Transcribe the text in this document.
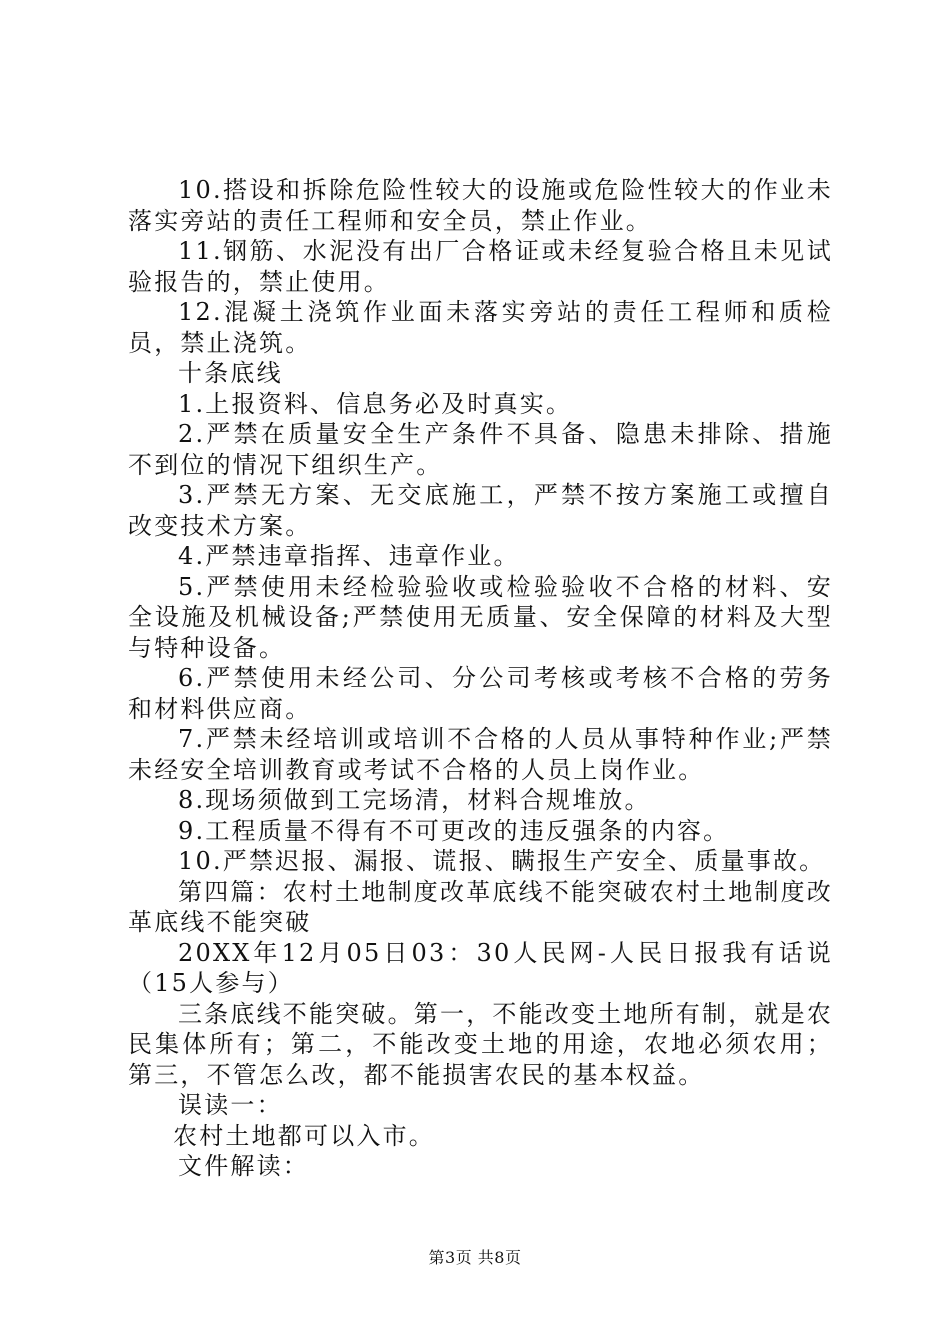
10.搭设和拆除危险性较大的设施或危险性较大的作业未落实旁站的责任工程师和安全员，禁止作业。

11.钢筋、水泥没有出厂合格证或未经复验合格且未见试验报告的，禁止使用。

12.混凝土浇筑作业面未落实旁站的责任工程师和质检员，禁止浇筑。

十条底线

1.上报资料、信息务必及时真实。

2.严禁在质量安全生产条件不具备、隐患未排除、措施不到位的情况下组织生产。

3.严禁无方案、无交底施工，严禁不按方案施工或擅自改变技术方案。

4.严禁违章指挥、违章作业。

5.严禁使用未经检验验收或检验验收不合格的材料、安全设施及机械设备;严禁使用无质量、安全保障的材料及大型与特种设备。

6.严禁使用未经公司、分公司考核或考核不合格的劳务和材料供应商。

7.严禁未经培训或培训不合格的人员从事特种作业;严禁未经安全培训教育或考试不合格的人员上岗作业。

8.现场须做到工完场清，材料合规堆放。

9.工程质量不得有不可更改的违反强条的内容。

10.严禁迟报、漏报、谎报、瞒报生产安全、质量事故。

第四篇：农村土地制度改革底线不能突破农村土地制度改革底线不能突破

20XX年12月05日03：30人民网-人民日报我有话说（15人参与）

三条底线不能突破。第一，不能改变土地所有制，就是农民集体所有；第二，不能改变土地的用途，农地必须农用；第三，不管怎么改，都不能损害农民的基本权益。

误读一：

农村土地都可以入市。

文件解读：

第3页 共8页
